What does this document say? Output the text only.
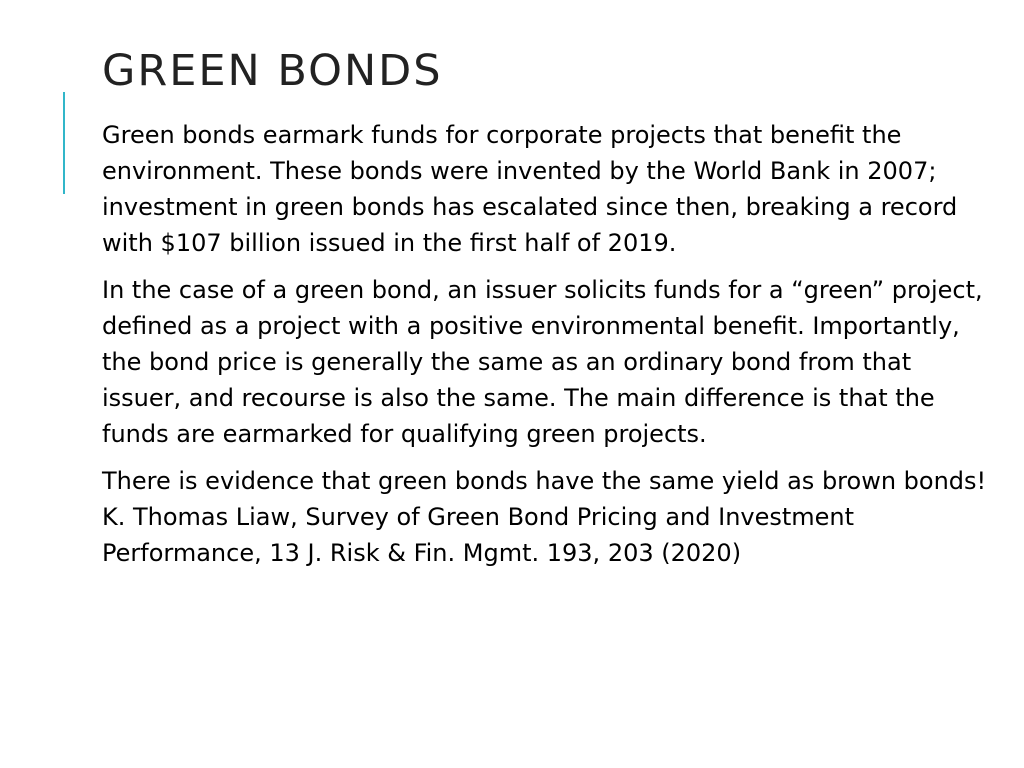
GREEN BONDS

Green bonds earmark funds for corporate projects that benefit the environment. These bonds were invented by the World Bank in 2007; investment in green bonds has escalated since then, breaking a record with $107 billion issued in the first half of 2019.

In the case of a green bond, an issuer solicits funds for a “green” project, defined as a project with a positive environmental benefit. Importantly, the bond price is generally the same as an ordinary bond from that issuer, and recourse is also the same. The main difference is that the funds are earmarked for qualifying green projects.

There is evidence that green bonds have the same yield as brown bonds! K. Thomas Liaw, Survey of Green Bond Pricing and Investment Performance, 13 J. Risk & Fin. Mgmt. 193, 203 (2020)
